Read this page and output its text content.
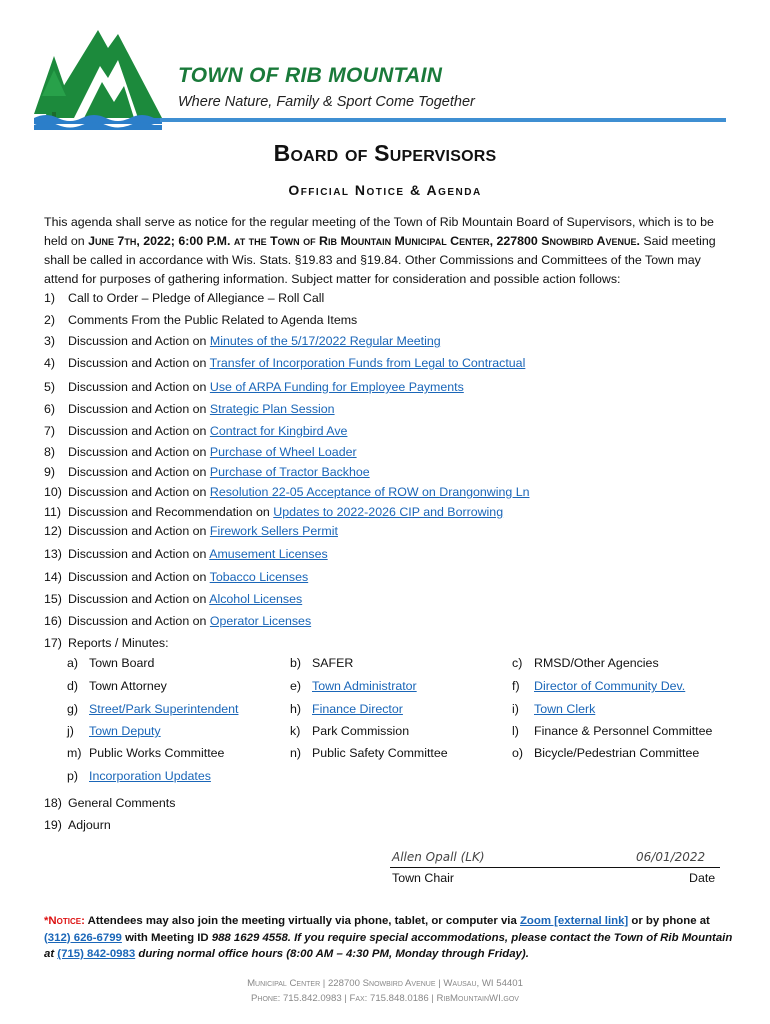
TOWN OF RIB MOUNTAIN
Where Nature, Family & Sport Come Together
Board of Supervisors
Official Notice & Agenda
This agenda shall serve as notice for the regular meeting of the Town of Rib Mountain Board of Supervisors, which is to be held on June 7th, 2022; 6:00 P.M. at the Town of Rib Mountain Municipal Center, 227800 Snowbird Avenue. Said meeting shall be called in accordance with Wis. Stats. §19.83 and §19.84. Other Commissions and Committees of the Town may attend for purposes of gathering information. Subject matter for consideration and possible action follows:
1) Call to Order – Pledge of Allegiance – Roll Call
2) Comments From the Public Related to Agenda Items
3) Discussion and Action on Minutes of the 5/17/2022 Regular Meeting
4) Discussion and Action on Transfer of Incorporation Funds from Legal to Contractual
5) Discussion and Action on Use of ARPA Funding for Employee Payments
6) Discussion and Action on Strategic Plan Session
7) Discussion and Action on Contract for Kingbird Ave
8) Discussion and Action on Purchase of Wheel Loader
9) Discussion and Action on Purchase of Tractor Backhoe
10) Discussion and Action on Resolution 22-05 Acceptance of ROW on Drangonwing Ln
11) Discussion and Recommendation on Updates to 2022-2026 CIP and Borrowing
12) Discussion and Action on Firework Sellers Permit
13) Discussion and Action on Amusement Licenses
14) Discussion and Action on Tobacco Licenses
15) Discussion and Action on Alcohol Licenses
16) Discussion and Action on Operator Licenses
17) Reports / Minutes:
a) Town Board	b) SAFER	c) RMSD/Other Agencies
d) Town Attorney	e) Town Administrator	f) Director of Community Dev.
g) Street/Park Superintendent	h) Finance Director	i) Town Clerk
j) Town Deputy	k) Park Commission	l) Finance & Personnel Committee
m) Public Works Committee	n) Public Safety Committee	o) Bicycle/Pedestrian Committee
p) Incorporation Updates
18) General Comments
19) Adjourn
Allen Opall (LK)	06/01/2022
Town Chair	Date
*Notice: Attendees may also join the meeting virtually via phone, tablet, or computer via Zoom [external link] or by phone at (312) 626-6799 with Meeting ID 988 1629 4558. If you require special accommodations, please contact the Town of Rib Mountain at (715) 842-0983 during normal office hours (8:00 AM – 4:30 PM, Monday through Friday).
Municipal Center | 228700 Snowbird Avenue | Wausau, WI 54401
Phone: 715.842.0983 | Fax: 715.848.0186 | RibMountainWI.gov
